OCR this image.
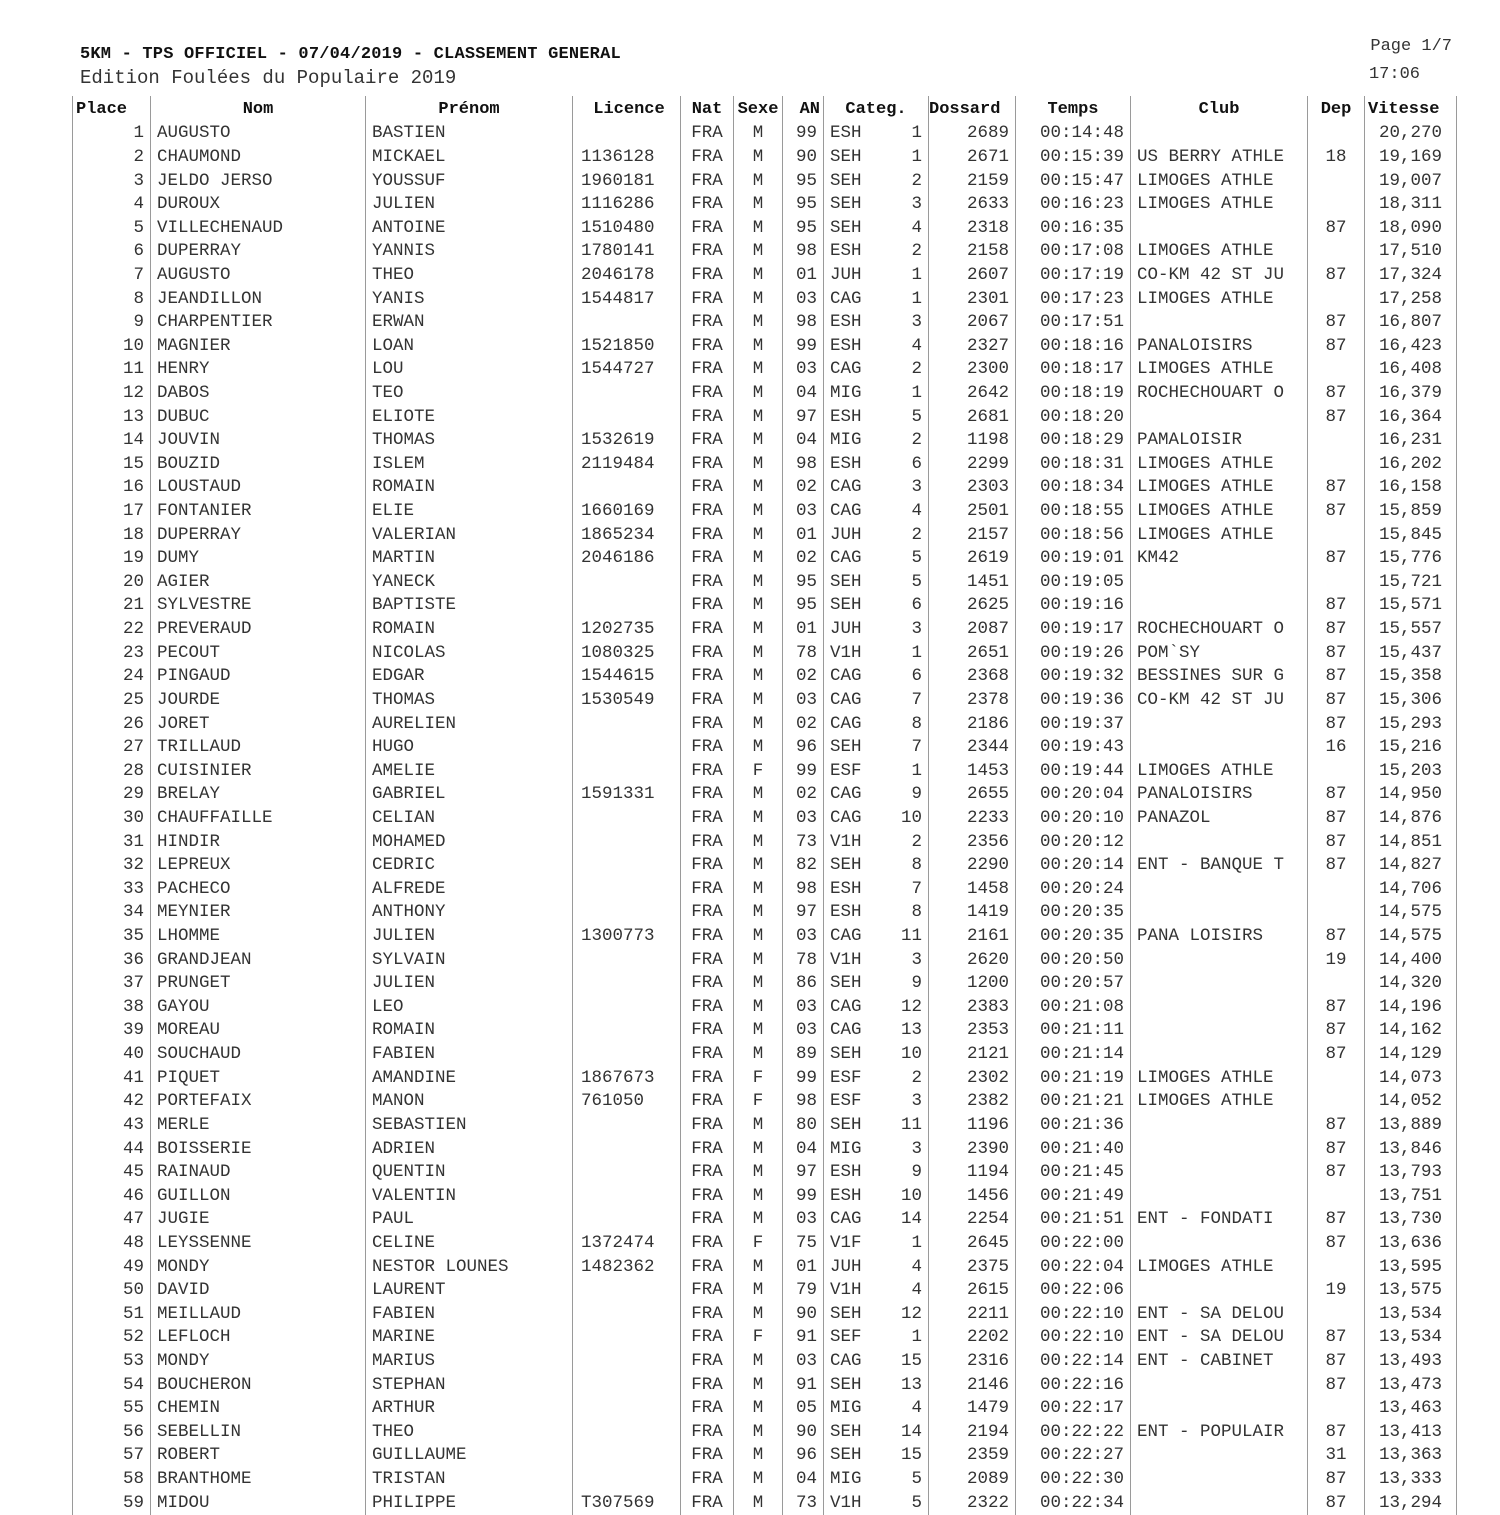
5KM - TPS OFFICIEL - 07/04/2019 - CLASSEMENT GENERAL
Edition Foulées du Populaire 2019
Page 1/7
17:06
Place	Nom	Prénom	Licence	Nat	Sexe	AN	Categ.	Dossard	Temps	Club	Dep	Vitesse
1	AUGUSTO	BASTIEN		FRA	M	99	ESH 1	2689	00:14:48			20,270
2	CHAUMOND	MICKAEL	1136128	FRA	M	90	SEH 1	2671	00:15:39	US BERRY ATHLE	18	19,169
3	JELDO JERSO	YOUSSUF	1960181	FRA	M	95	SEH 2	2159	00:15:47	LIMOGES ATHLE		19,007
4	DUROUX	JULIEN	1116286	FRA	M	95	SEH 3	2633	00:16:23	LIMOGES ATHLE		18,311
5	VILLECHENAUD	ANTOINE	1510480	FRA	M	95	SEH 4	2318	00:16:35		87	18,090
6	DUPERRAY	YANNIS	1780141	FRA	M	98	ESH 2	2158	00:17:08	LIMOGES ATHLE		17,510
7	AUGUSTO	THEO	2046178	FRA	M	01	JUH 1	2607	00:17:19	CO-KM 42 ST JU	87	17,324
8	JEANDILLON	YANIS	1544817	FRA	M	03	CAG 1	2301	00:17:23	LIMOGES ATHLE		17,258
9	CHARPENTIER	ERWAN		FRA	M	98	ESH 3	2067	00:17:51		87	16,807
10	MAGNIER	LOAN	1521850	FRA	M	99	ESH 4	2327	00:18:16	PANALOISIRS	87	16,423
11	HENRY	LOU	1544727	FRA	M	03	CAG 2	2300	00:18:17	LIMOGES ATHLE		16,408
12	DABOS	TEO		FRA	M	04	MIG 1	2642	00:18:19	ROCHECHOUART O	87	16,379
13	DUBUC	ELIOTE		FRA	M	97	ESH 5	2681	00:18:20		87	16,364
14	JOUVIN	THOMAS	1532619	FRA	M	04	MIG 2	1198	00:18:29	PAMALOISIR		16,231
15	BOUZID	ISLEM	2119484	FRA	M	98	ESH 6	2299	00:18:31	LIMOGES ATHLE		16,202
16	LOUSTAUD	ROMAIN		FRA	M	02	CAG 3	2303	00:18:34	LIMOGES ATHLE	87	16,158
17	FONTANIER	ELIE	1660169	FRA	M	03	CAG 4	2501	00:18:55	LIMOGES ATHLE	87	15,859
18	DUPERRAY	VALERIAN	1865234	FRA	M	01	JUH 2	2157	00:18:56	LIMOGES ATHLE		15,845
19	DUMY	MARTIN	2046186	FRA	M	02	CAG 5	2619	00:19:01	KM42	87	15,776
20	AGIER	YANECK		FRA	M	95	SEH 5	1451	00:19:05			15,721
21	SYLVESTRE	BAPTISTE		FRA	M	95	SEH 6	2625	00:19:16		87	15,571
22	PREVERAUD	ROMAIN	1202735	FRA	M	01	JUH 3	2087	00:19:17	ROCHECHOUART O	87	15,557
23	PECOUT	NICOLAS	1080325	FRA	M	78	V1H 1	2651	00:19:26	POM`SY	87	15,437
24	PINGAUD	EDGAR	1544615	FRA	M	02	CAG 6	2368	00:19:32	BESSINES SUR G	87	15,358
25	JOURDE	THOMAS	1530549	FRA	M	03	CAG 7	2378	00:19:36	CO-KM 42 ST JU	87	15,306
26	JORET	AURELIEN		FRA	M	02	CAG 8	2186	00:19:37		87	15,293
27	TRILLAUD	HUGO		FRA	M	96	SEH 7	2344	00:19:43		16	15,216
28	CUISINIER	AMELIE		FRA	F	99	ESF 1	1453	00:19:44	LIMOGES ATHLE		15,203
29	BRELAY	GABRIEL	1591331	FRA	M	02	CAG 9	2655	00:20:04	PANALOISIRS	87	14,950
30	CHAUFFAILLE	CELIAN		FRA	M	03	CAG 10	2233	00:20:10	PANAZOL	87	14,876
31	HINDIR	MOHAMED		FRA	M	73	V1H 2	2356	00:20:12		87	14,851
32	LEPREUX	CEDRIC		FRA	M	82	SEH 8	2290	00:20:14	ENT - BANQUE T	87	14,827
33	PACHECO	ALFREDE		FRA	M	98	ESH 7	1458	00:20:24			14,706
34	MEYNIER	ANTHONY		FRA	M	97	ESH 8	1419	00:20:35			14,575
35	LHOMME	JULIEN	1300773	FRA	M	03	CAG 11	2161	00:20:35	PANA LOISIRS	87	14,575
36	GRANDJEAN	SYLVAIN		FRA	M	78	V1H 3	2620	00:20:50		19	14,400
37	PRUNGET	JULIEN		FRA	M	86	SEH 9	1200	00:20:57			14,320
38	GAYOU	LEO		FRA	M	03	CAG 12	2383	00:21:08		87	14,196
39	MOREAU	ROMAIN		FRA	M	03	CAG 13	2353	00:21:11		87	14,162
40	SOUCHAUD	FABIEN		FRA	M	89	SEH 10	2121	00:21:14		87	14,129
41	PIQUET	AMANDINE	1867673	FRA	F	99	ESF 2	2302	00:21:19	LIMOGES ATHLE		14,073
42	PORTEFAIX	MANON	761050	FRA	F	98	ESF 3	2382	00:21:21	LIMOGES ATHLE		14,052
43	MERLE	SEBASTIEN		FRA	M	80	SEH 11	1196	00:21:36		87	13,889
44	BOISSERIE	ADRIEN		FRA	M	04	MIG 3	2390	00:21:40		87	13,846
45	RAINAUD	QUENTIN		FRA	M	97	ESH 9	1194	00:21:45		87	13,793
46	GUILLON	VALENTIN		FRA	M	99	ESH 10	1456	00:21:49			13,751
47	JUGIE	PAUL		FRA	M	03	CAG 14	2254	00:21:51	ENT - FONDATI	87	13,730
48	LEYSSENNE	CELINE	1372474	FRA	F	75	V1F 1	2645	00:22:00		87	13,636
49	MONDY	NESTOR LOUNES	1482362	FRA	M	01	JUH 4	2375	00:22:04	LIMOGES ATHLE		13,595
50	DAVID	LAURENT		FRA	M	79	V1H 4	2615	00:22:06		19	13,575
51	MEILLAUD	FABIEN		FRA	M	90	SEH 12	2211	00:22:10	ENT - SA DELOU		13,534
52	LEFLOCH	MARINE		FRA	F	91	SEF 1	2202	00:22:10	ENT - SA DELOU	87	13,534
53	MONDY	MARIUS		FRA	M	03	CAG 15	2316	00:22:14	ENT - CABINET	87	13,493
54	BOUCHERON	STEPHAN		FRA	M	91	SEH 13	2146	00:22:16		87	13,473
55	CHEMIN	ARTHUR		FRA	M	05	MIG 4	1479	00:22:17			13,463
56	SEBELLIN	THEO		FRA	M	90	SEH 14	2194	00:22:22	ENT - POPULAIR	87	13,413
57	ROBERT	GUILLAUME		FRA	M	96	SEH 15	2359	00:22:27		31	13,363
58	BRANTHOME	TRISTAN		FRA	M	04	MIG 5	2089	00:22:30		87	13,333
59	MIDOU	PHILIPPE	T307569	FRA	M	73	V1H 5	2322	00:22:34		87	13,294
